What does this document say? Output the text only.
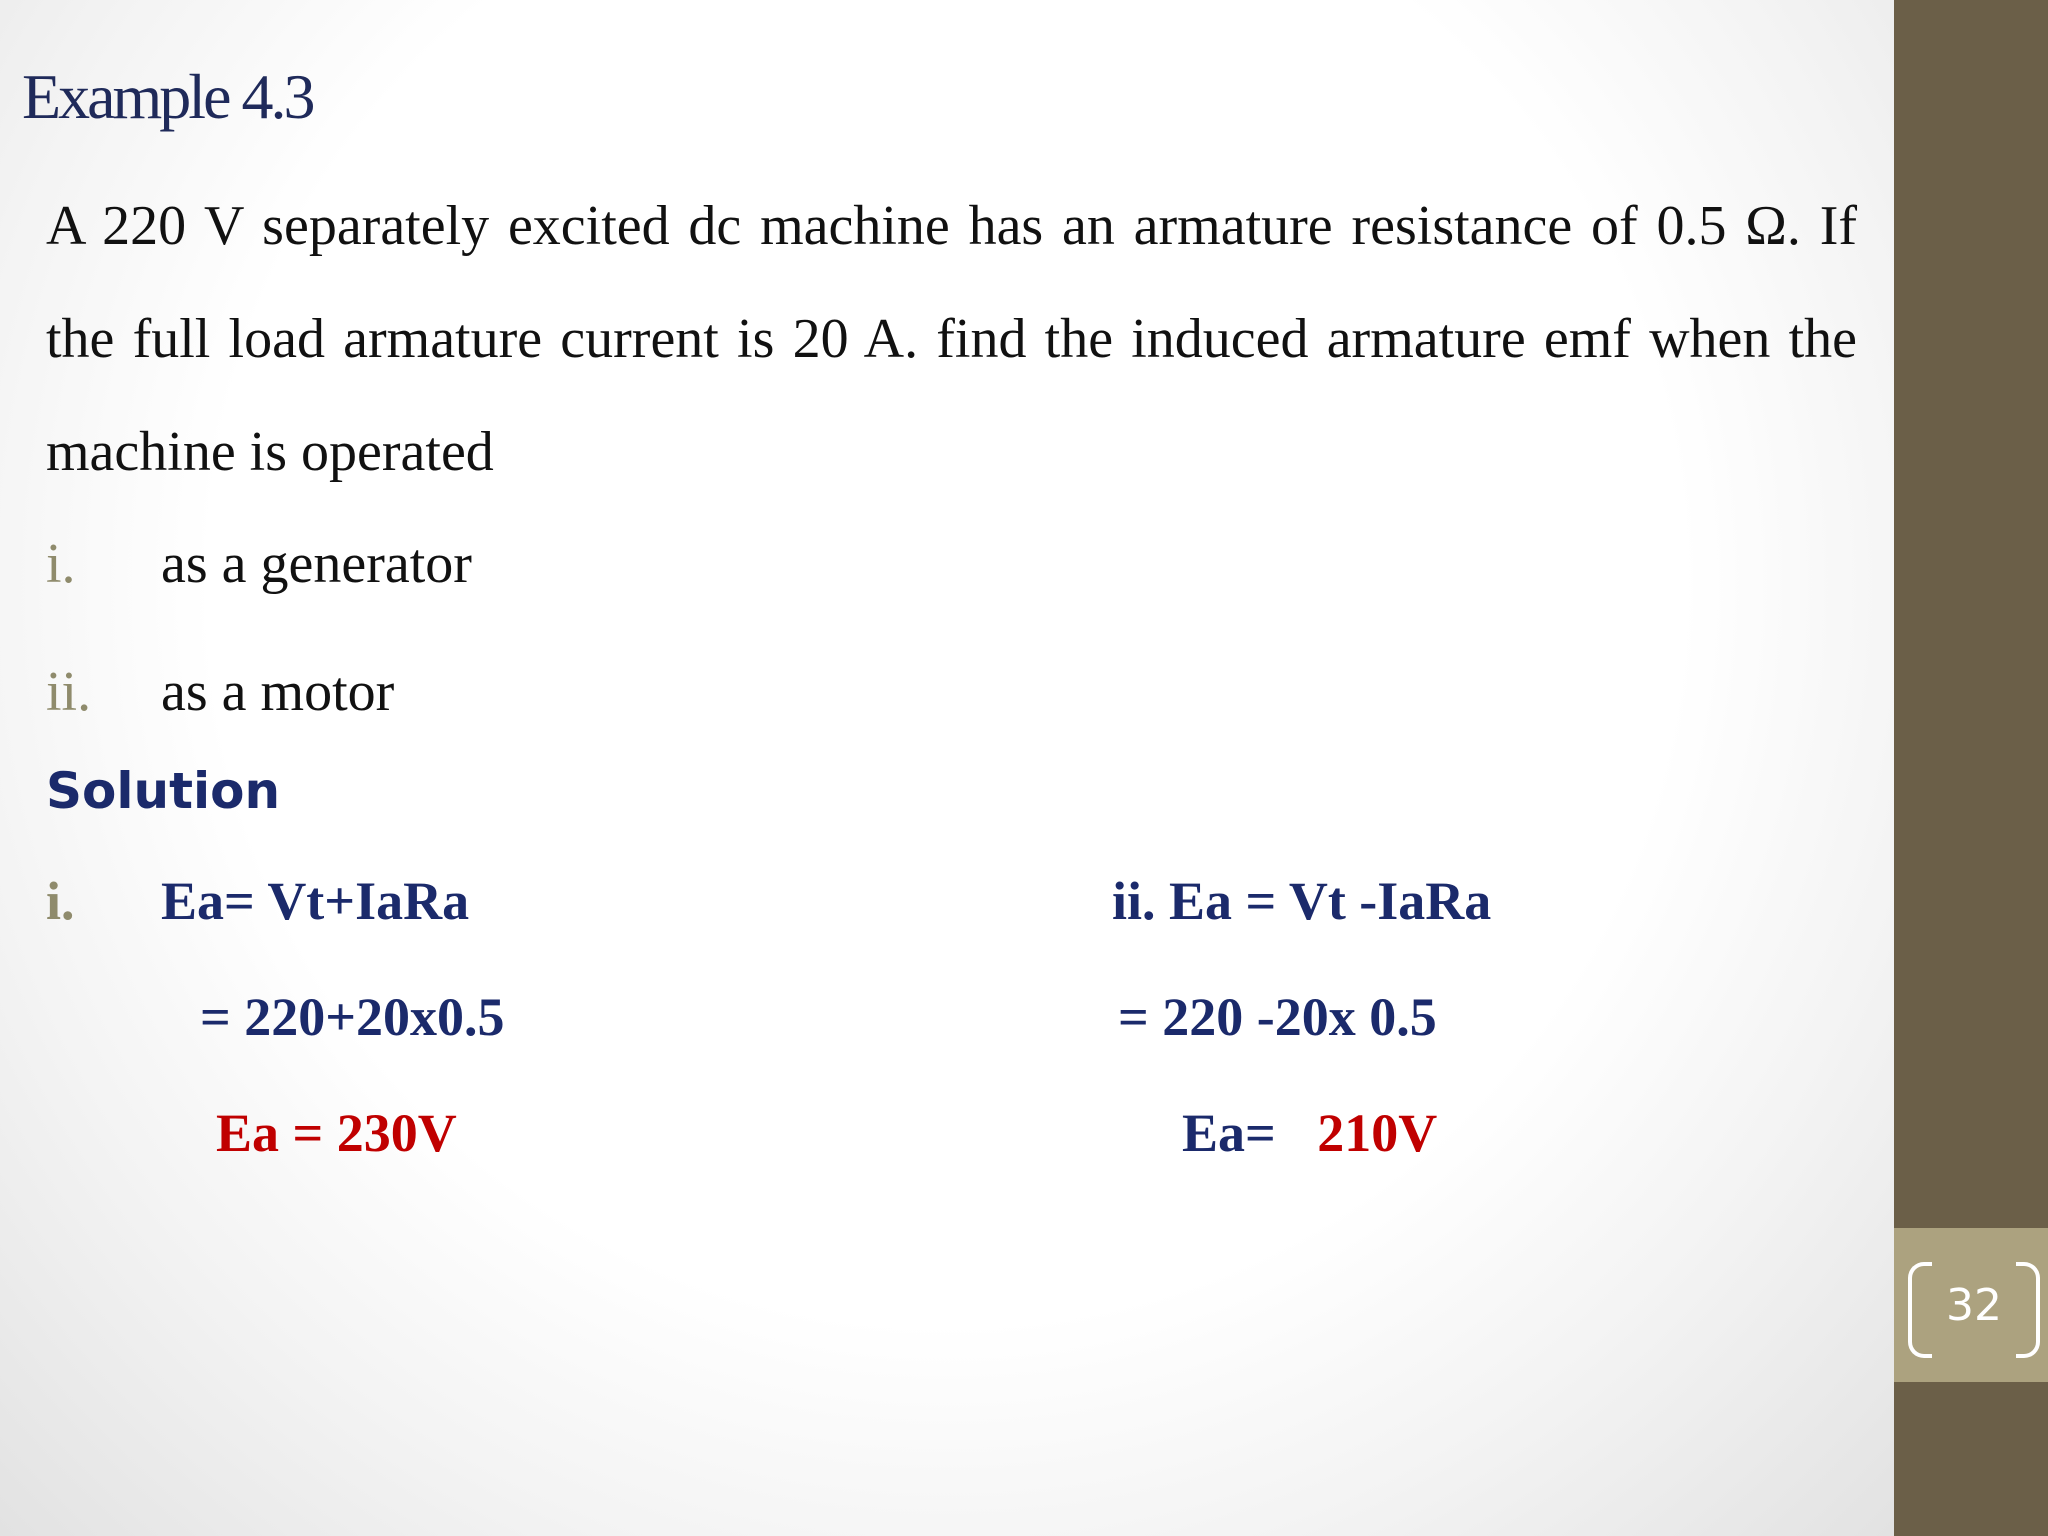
Example 4.3

A 220 V separately excited dc machine has an armature resistance of 0.5 Ω. If the full load armature current is 20 A. find the induced armature emf when the machine is operated

i. as a generator
ii. as a motor
Solution
i. Ea= Vt+IaRa
= 220+20x0.5
Ea = 230V
ii. Ea = Vt -IaRa
= 220 -20x 0.5
Ea= 210V
32
